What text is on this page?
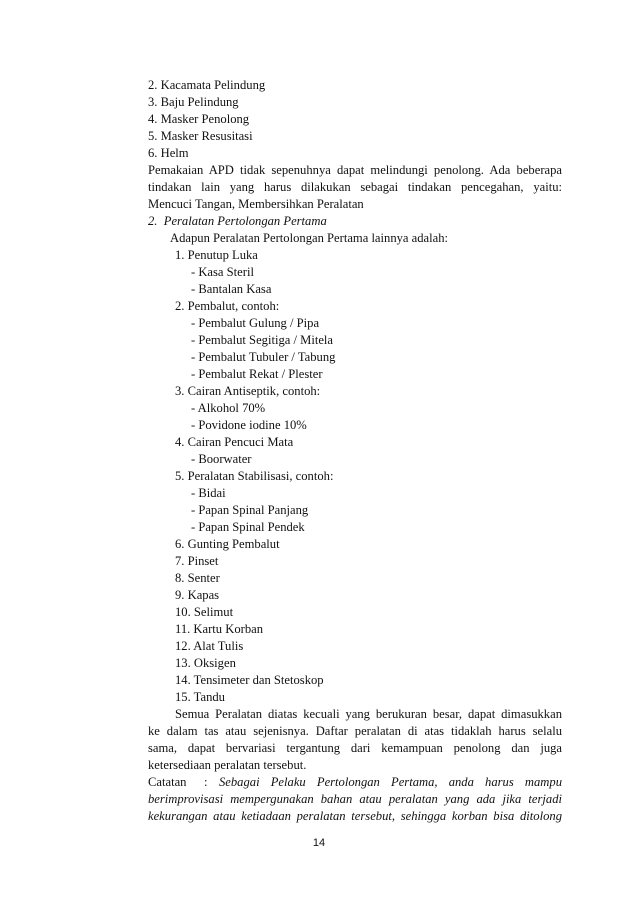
2. Kacamata Pelindung
3. Baju Pelindung
4. Masker Penolong
5. Masker Resusitasi
6. Helm
Pemakaian APD tidak sepenuhnya dapat melindungi penolong. Ada beberapa
tindakan lain yang harus dilakukan sebagai tindakan pencegahan, yaitu:
Mencuci Tangan, Membersihkan Peralatan
2. Peralatan Pertolongan Pertama
Adapun Peralatan Pertolongan Pertama lainnya adalah:
1. Penutup Luka
- Kasa Steril
- Bantalan Kasa
2. Pembalut, contoh:
- Pembalut Gulung / Pipa
- Pembalut Segitiga / Mitela
- Pembalut Tubuler / Tabung
- Pembalut Rekat / Plester
3. Cairan Antiseptik, contoh:
- Alkohol 70%
- Povidone iodine 10%
4. Cairan Pencuci Mata
- Boorwater
5. Peralatan Stabilisasi, contoh:
- Bidai
- Papan Spinal Panjang
- Papan Spinal Pendek
6. Gunting Pembalut
7. Pinset
8. Senter
9. Kapas
10. Selimut
11. Kartu Korban
12. Alat Tulis
13. Oksigen
14. Tensimeter dan Stetoskop
15. Tandu
Semua Peralatan diatas kecuali yang berukuran besar, dapat dimasukkan
ke dalam tas atau sejenisnya. Daftar peralatan di atas tidaklah harus selalu
sama, dapat bervariasi tergantung dari kemampuan penolong dan juga
ketersediaan peralatan tersebut.
Catatan : Sebagai Pelaku Pertolongan Pertama, anda harus mampu
berimprovisasi mempergunakan bahan atau peralatan yang ada jika terjadi
kekurangan atau ketiadaan peralatan tersebut, sehingga korban bisa ditolong
14
